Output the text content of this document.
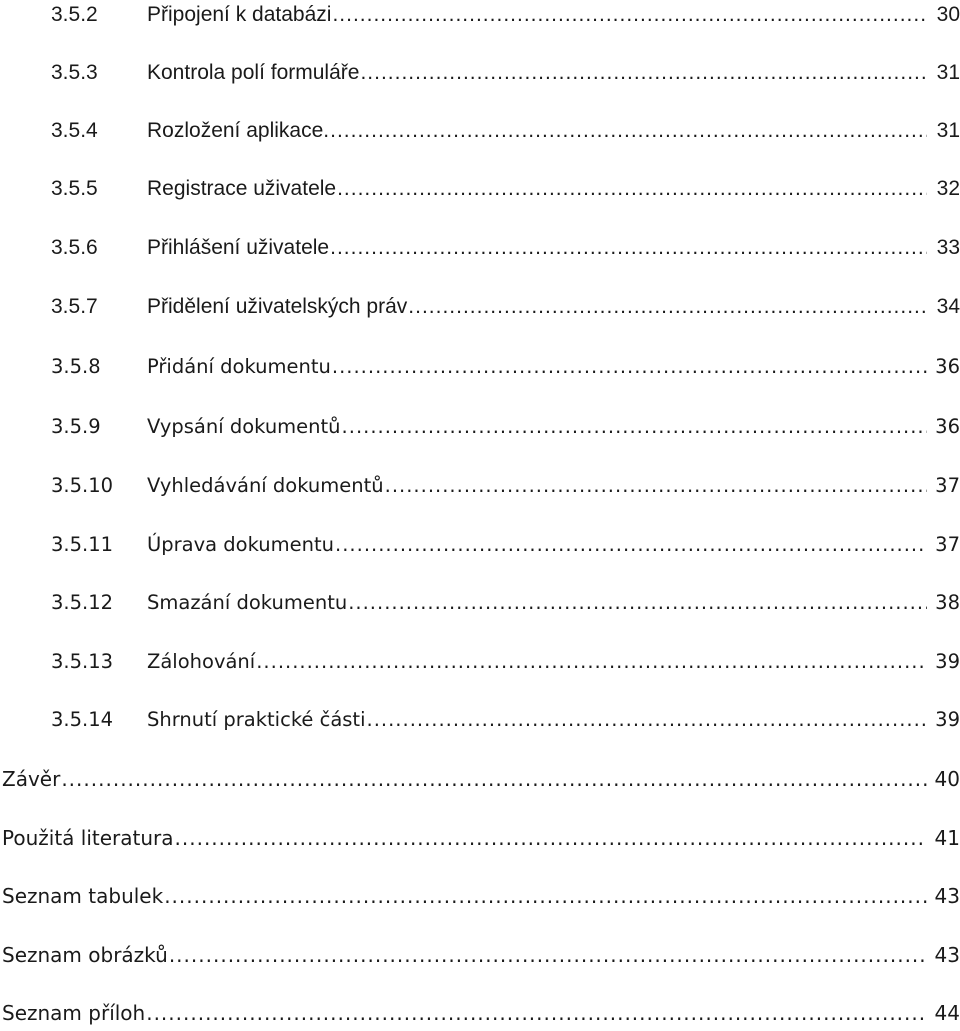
3.5.2	Připojení k databázi .....	30
3.5.3	Kontrola polí formuláře .....	31
3.5.4	Rozložení aplikace. .....	31
3.5.5	Registrace uživatele .....	32
3.5.6	Přihlášení uživatele .....	33
3.5.7	Přidělení uživatelských práv .....	34
3.5.8	Přidání dokumentu .....	36
3.5.9	Vypsání dokumentů .....	36
3.5.10	Vyhledávání dokumentů .....	37
3.5.11	Úprava dokumentu .....	37
3.5.12	Smazání dokumentu .....	38
3.5.13	Zálohování .....	39
3.5.14	Shrnutí praktické části .....	39
Závěr .....	40
Použitá literatura .....	41
Seznam tabulek .....	43
Seznam obrázků .....	43
Seznam příloh .....	44
